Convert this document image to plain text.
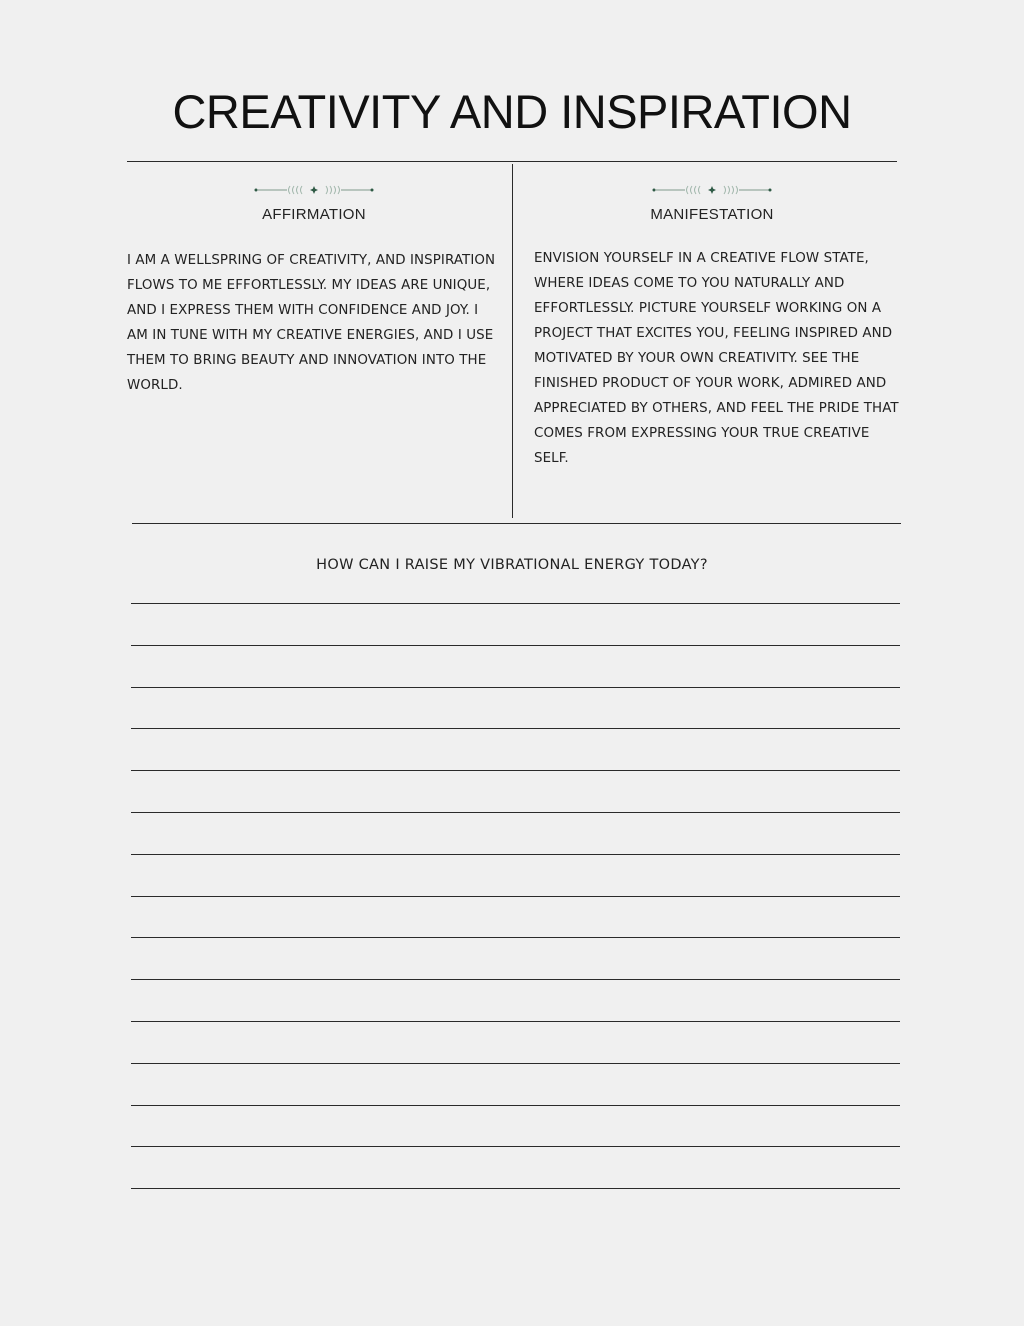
CREATIVITY AND INSPIRATION

AFFIRMATION

I AM A WELLSPRING OF CREATIVITY, AND INSPIRATION FLOWS TO ME EFFORTLESSLY. MY IDEAS ARE UNIQUE, AND I EXPRESS THEM WITH CONFIDENCE AND JOY. I AM IN TUNE WITH MY CREATIVE ENERGIES, AND I USE THEM TO BRING BEAUTY AND INNOVATION INTO THE WORLD.

MANIFESTATION

ENVISION YOURSELF IN A CREATIVE FLOW STATE, WHERE IDEAS COME TO YOU NATURALLY AND EFFORTLESSLY. PICTURE YOURSELF WORKING ON A PROJECT THAT EXCITES YOU, FEELING INSPIRED AND MOTIVATED BY YOUR OWN CREATIVITY. SEE THE FINISHED PRODUCT OF YOUR WORK, ADMIRED AND APPRECIATED BY OTHERS, AND FEEL THE PRIDE THAT COMES FROM EXPRESSING YOUR TRUE CREATIVE SELF.

HOW CAN I RAISE MY VIBRATIONAL ENERGY TODAY?
